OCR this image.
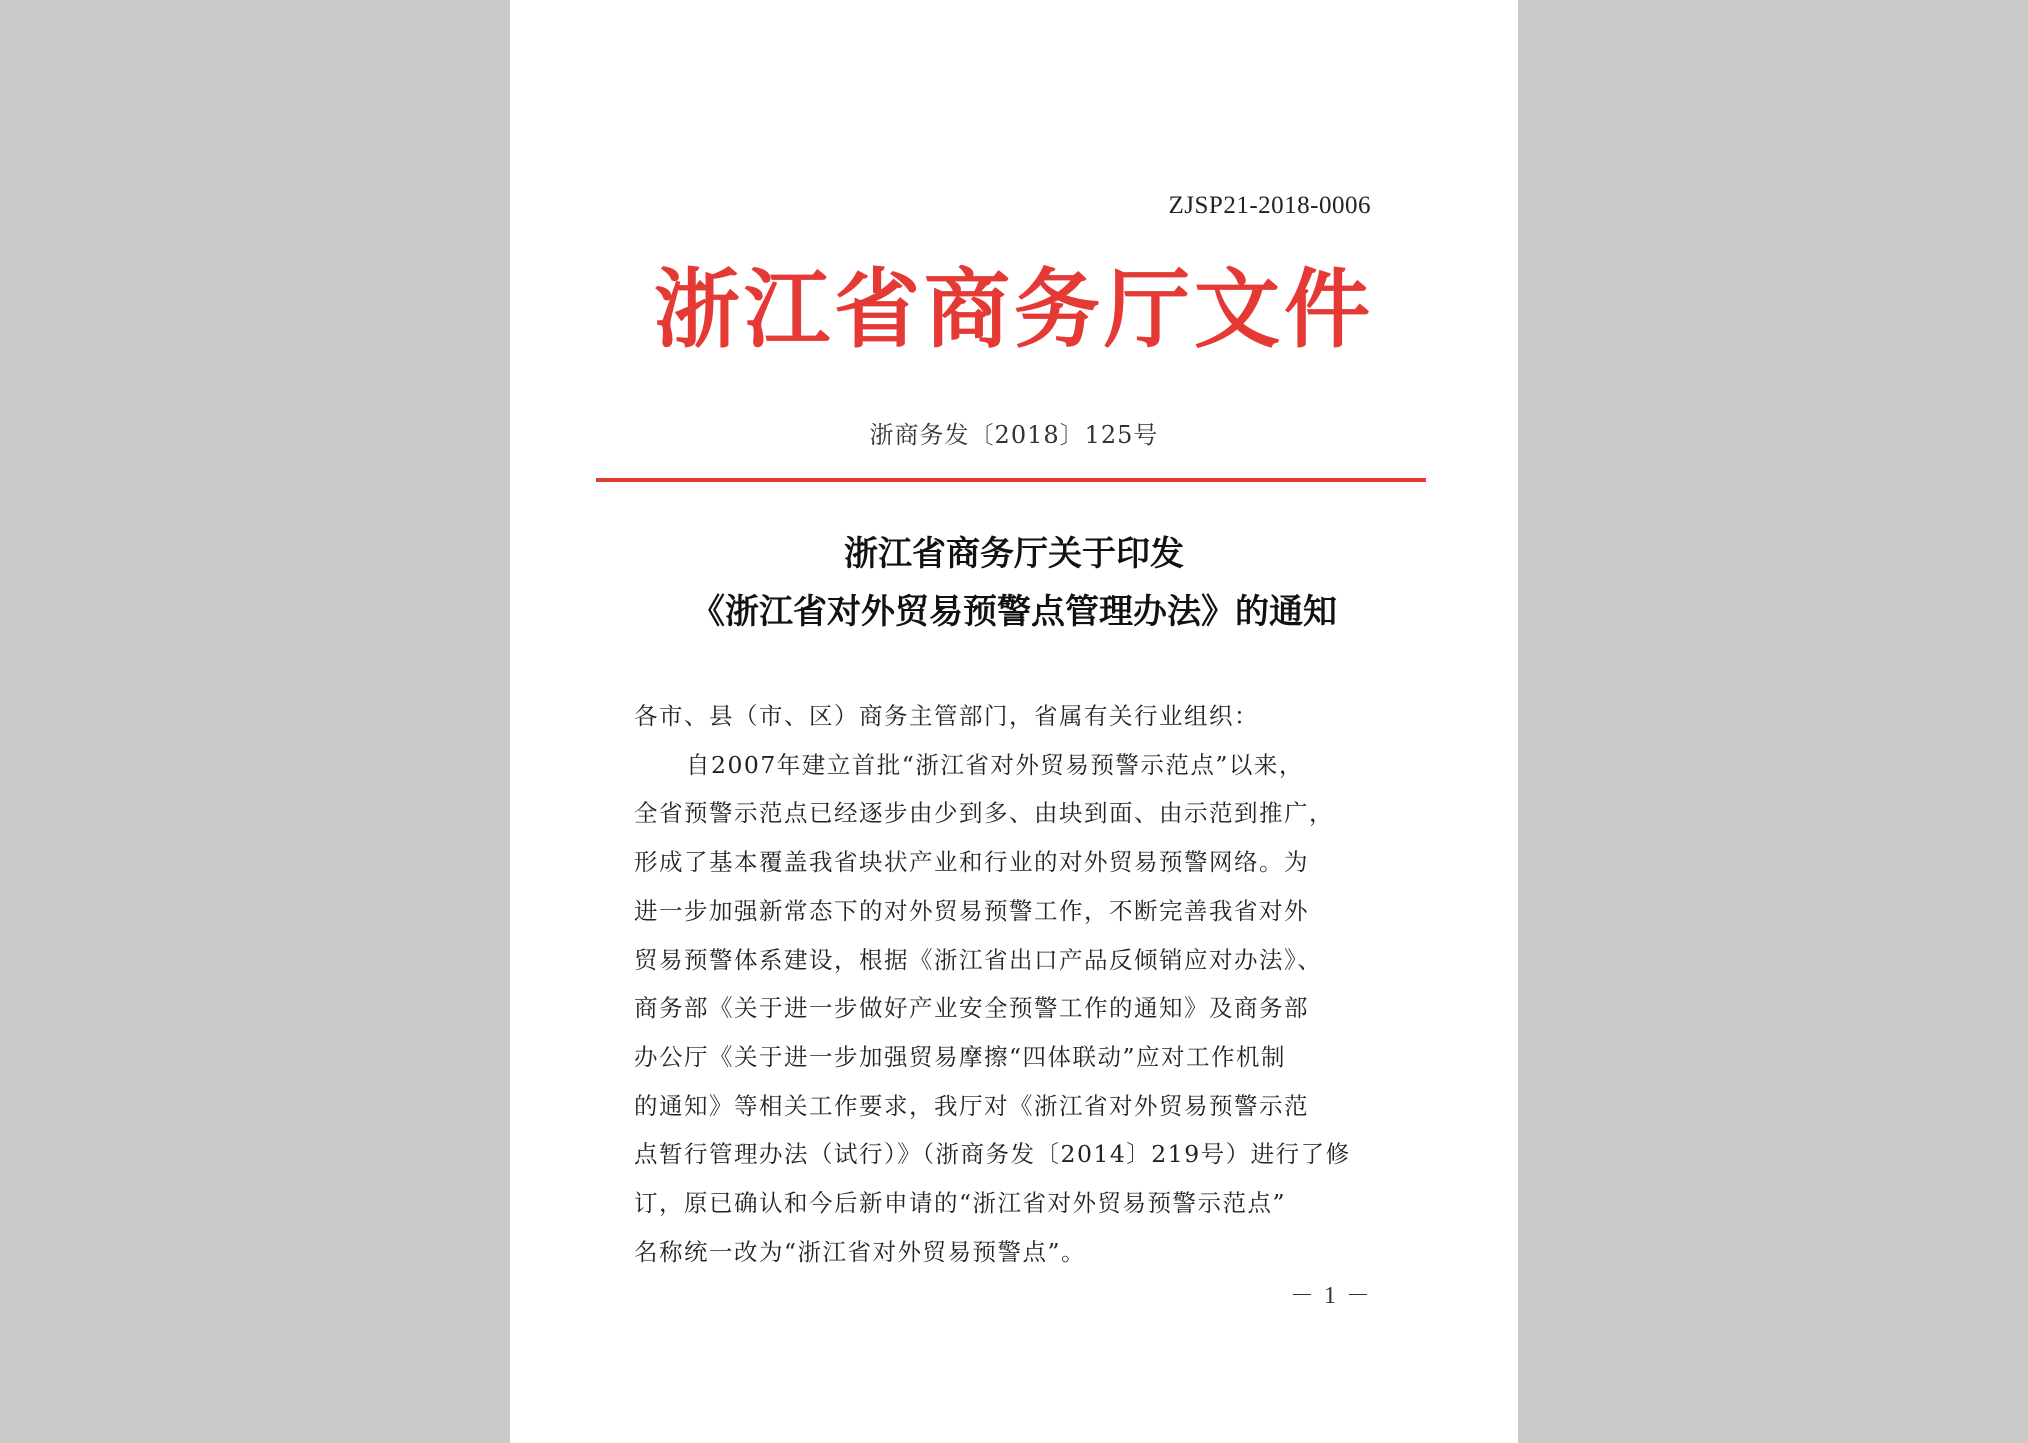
ZJSP21-2018-0006
浙江省商务厅文件
浙商务发〔2018〕125号
浙江省商务厅关于印发
《浙江省对外贸易预警点管理办法》的通知

各市、县（市、区）商务主管部门，省属有关行业组织：

自2007年建立首批“浙江省对外贸易预警示范点”以来，

全省预警示范点已经逐步由少到多、由块到面、由示范到推广，

形成了基本覆盖我省块状产业和行业的对外贸易预警网络。为

进一步加强新常态下的对外贸易预警工作，不断完善我省对外

贸易预警体系建设，根据《浙江省出口产品反倾销应对办法》、

商务部《关于进一步做好产业安全预警工作的通知》及商务部

办公厅《关于进一步加强贸易摩擦“四体联动”应对工作机制

的通知》等相关工作要求，我厅对《浙江省对外贸易预警示范

点暂行管理办法（试行）》（浙商务发〔2014〕219号）进行了修

订，原已确认和今后新申请的“浙江省对外贸易预警示范点”

名称统一改为“浙江省对外贸易预警点”。

－ 1 －
